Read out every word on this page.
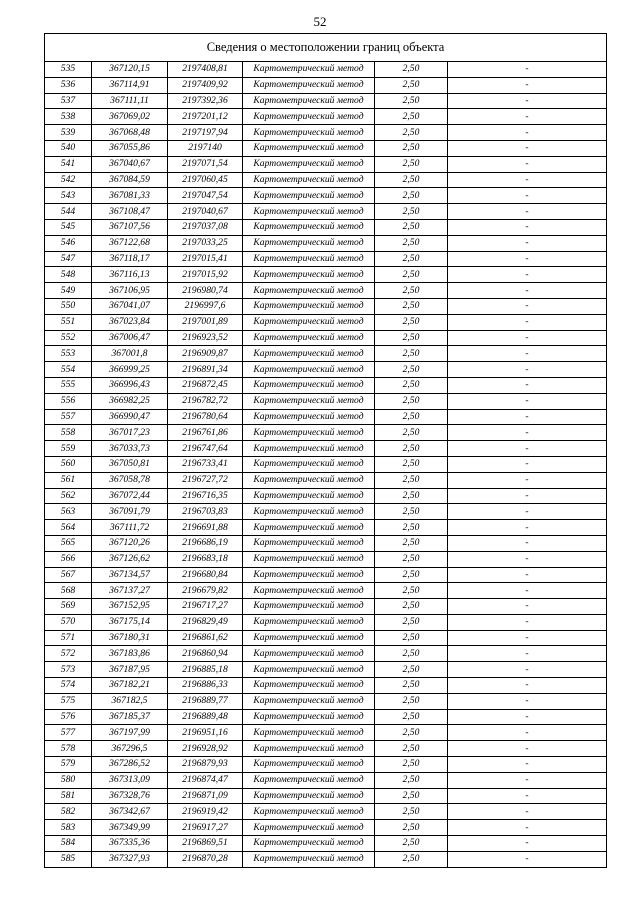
52
Сведения о местоположении границ объекта					
535	367120,15	2197408,81	Картометрический метод	2,50	-
536	367114,91	2197409,92	Картометрический метод	2,50	-
537	367111,11	2197392,36	Картометрический метод	2,50	-
538	367069,02	2197201,12	Картометрический метод	2,50	-
539	367068,48	2197197,94	Картометрический метод	2,50	-
540	367055,86	2197140	Картометрический метод	2,50	-
541	367040,67	2197071,54	Картометрический метод	2,50	-
542	367084,59	2197060,45	Картометрический метод	2,50	-
543	367081,33	2197047,54	Картометрический метод	2,50	-
544	367108,47	2197040,67	Картометрический метод	2,50	-
545	367107,56	2197037,08	Картометрический метод	2,50	-
546	367122,68	2197033,25	Картометрический метод	2,50	-
547	367118,17	2197015,41	Картометрический метод	2,50	-
548	367116,13	2197015,92	Картометрический метод	2,50	-
549	367106,95	2196980,74	Картометрический метод	2,50	-
550	367041,07	2196997,6	Картометрический метод	2,50	-
551	367023,84	2197001,89	Картометрический метод	2,50	-
552	367006,47	2196923,52	Картометрический метод	2,50	-
553	367001,8	2196909,87	Картометрический метод	2,50	-
554	366999,25	2196891,34	Картометрический метод	2,50	-
555	366996,43	2196872,45	Картометрический метод	2,50	-
556	366982,25	2196782,72	Картометрический метод	2,50	-
557	366990,47	2196780,64	Картометрический метод	2,50	-
558	367017,23	2196761,86	Картометрический метод	2,50	-
559	367033,73	2196747,64	Картометрический метод	2,50	-
560	367050,81	2196733,41	Картометрический метод	2,50	-
561	367058,78	2196727,72	Картометрический метод	2,50	-
562	367072,44	2196716,35	Картометрический метод	2,50	-
563	367091,79	2196703,83	Картометрический метод	2,50	-
564	367111,72	2196691,88	Картометрический метод	2,50	-
565	367120,26	2196686,19	Картометрический метод	2,50	-
566	367126,62	2196683,18	Картометрический метод	2,50	-
567	367134,57	2196680,84	Картометрический метод	2,50	-
568	367137,27	2196679,82	Картометрический метод	2,50	-
569	367152,95	2196717,27	Картометрический метод	2,50	-
570	367175,14	2196829,49	Картометрический метод	2,50	-
571	367180,31	2196861,62	Картометрический метод	2,50	-
572	367183,86	2196860,94	Картометрический метод	2,50	-
573	367187,95	2196885,18	Картометрический метод	2,50	-
574	367182,21	2196886,33	Картометрический метод	2,50	-
575	367182,5	2196889,77	Картометрический метод	2,50	-
576	367185,37	2196889,48	Картометрический метод	2,50	-
577	367197,99	2196951,16	Картометрический метод	2,50	-
578	367296,5	2196928,92	Картометрический метод	2,50	-
579	367286,52	2196879,93	Картометрический метод	2,50	-
580	367313,09	2196874,47	Картометрический метод	2,50	-
581	367328,76	2196871,09	Картометрический метод	2,50	-
582	367342,67	2196919,42	Картометрический метод	2,50	-
583	367349,99	2196917,27	Картометрический метод	2,50	-
584	367335,36	2196869,51	Картометрический метод	2,50	-
585	367327,93	2196870,28	Картометрический метод	2,50	-
